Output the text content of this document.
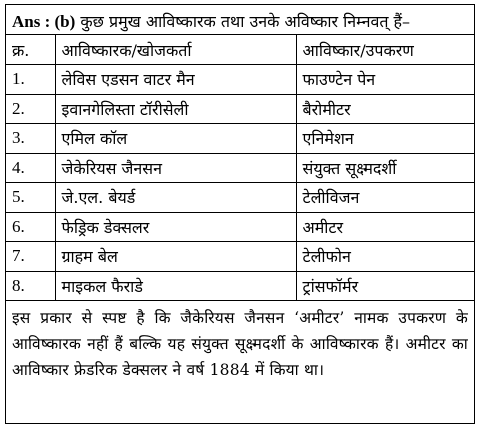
Ans : (b) कुछ प्रमुख आविष्कारक तथा उनके अविष्कार निम्नवत् हैं–
क्र.	आविष्कारक/खोजकर्ता	आविष्कार/उपकरण
1.	लेविस एडसन वाटर मैन	फाउण्टेन पेन
2.	इवानगेलिस्ता टॉरीसेली	बैरोमीटर
3.	एमिल कॉल	एनिमेशन
4.	जेकेरियस जैनसन	संयुक्त सूक्ष्मदर्शी
5.	जे.एल. बेयर्ड	टेलीविजन
6.	फेड्रिक डेक्सलर	अमीटर
7.	ग्राहम बेल	टेलीफोन
8.	माइकल फैराडे	ट्रांसफॉर्मर
इस प्रकार से स्पष्ट है कि जैकेरियस जैनसन ‘अमीटर’ नामक उपकरण के आविष्कारक नहीं हैं बल्कि यह संयुक्त सूक्ष्मदर्शी के आविष्कारक हैं। अमीटर का आविष्कार फ्रेडरिक डेक्सलर ने वर्ष 1884 में किया था।
